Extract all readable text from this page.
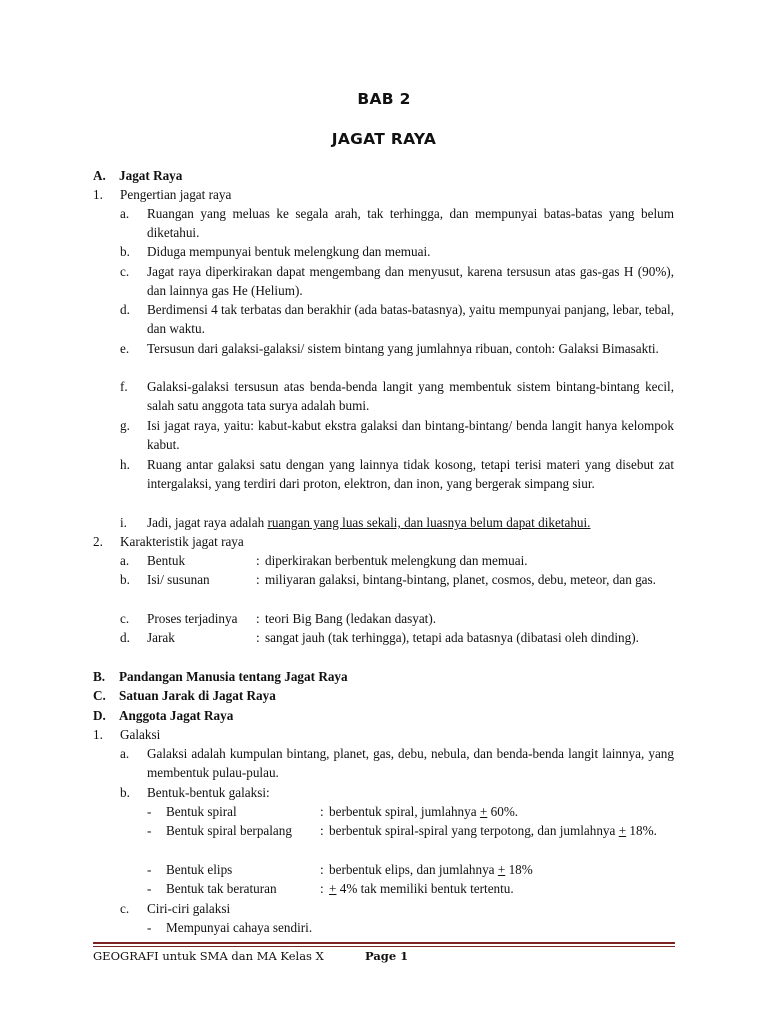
BAB 2
JAGAT RAYA
A. Jagat Raya
1. Pengertian jagat raya
a. Ruangan yang meluas ke segala arah, tak terhingga, dan mempunyai batas-batas yang belum diketahui.
b. Diduga mempunyai bentuk melengkung dan memuai.
c. Jagat raya diperkirakan dapat mengembang dan menyusut, karena tersusun atas gas-gas H (90%), dan lainnya gas He (Helium).
d. Berdimensi 4 tak terbatas dan berakhir (ada batas-batasnya), yaitu mempunyai panjang, lebar, tebal, dan waktu.
e. Tersusun dari galaksi-galaksi/ sistem bintang yang jumlahnya ribuan, contoh: Galaksi Bimasakti.
f. Galaksi-galaksi tersusun atas benda-benda langit yang membentuk sistem bintang-bintang kecil, salah satu anggota tata surya adalah bumi.
g. Isi jagat raya, yaitu: kabut-kabut ekstra galaksi dan bintang-bintang/ benda langit hanya kelompok kabut.
h. Ruang antar galaksi satu dengan yang lainnya tidak kosong, tetapi terisi materi yang disebut zat intergalaksi, yang terdiri dari proton, elektron, dan inon, yang bergerak simpang siur.
i. Jadi, jagat raya adalah ruangan yang luas sekali, dan luasnya belum dapat diketahui.
2. Karakteristik jagat raya
a. Bentuk	: diperkirakan berbentuk melengkung dan memuai.
b. Isi/ susunan	: miliyaran galaksi, bintang-bintang, planet, cosmos, debu, meteor, dan gas.
c. Proses terjadinya : teori Big Bang (ledakan dasyat).
d. Jarak	: sangat jauh (tak terhingga), tetapi ada batasnya (dibatasi oleh dinding).
B. Pandangan Manusia tentang Jagat Raya
C. Satuan Jarak di Jagat Raya
D. Anggota Jagat Raya
1. Galaksi
a. Galaksi adalah kumpulan bintang, planet, gas, debu, nebula, dan benda-benda langit lainnya, yang membentuk pulau-pulau.
b. Bentuk-bentuk galaksi:
- Bentuk spiral	: berbentuk spiral, jumlahnya + 60%.
- Bentuk spiral berpalang : berbentuk spiral-spiral yang terpotong, dan jumlahnya + 18%.
- Bentuk elips	: berbentuk elips, dan jumlahnya + 18%
- Bentuk tak beraturan	: + 4% tak memiliki bentuk tertentu.
c. Ciri-ciri galaksi
- Mempunyai cahaya sendiri.
GEOGRAFI untuk SMA dan MA Kelas X	Page 1
